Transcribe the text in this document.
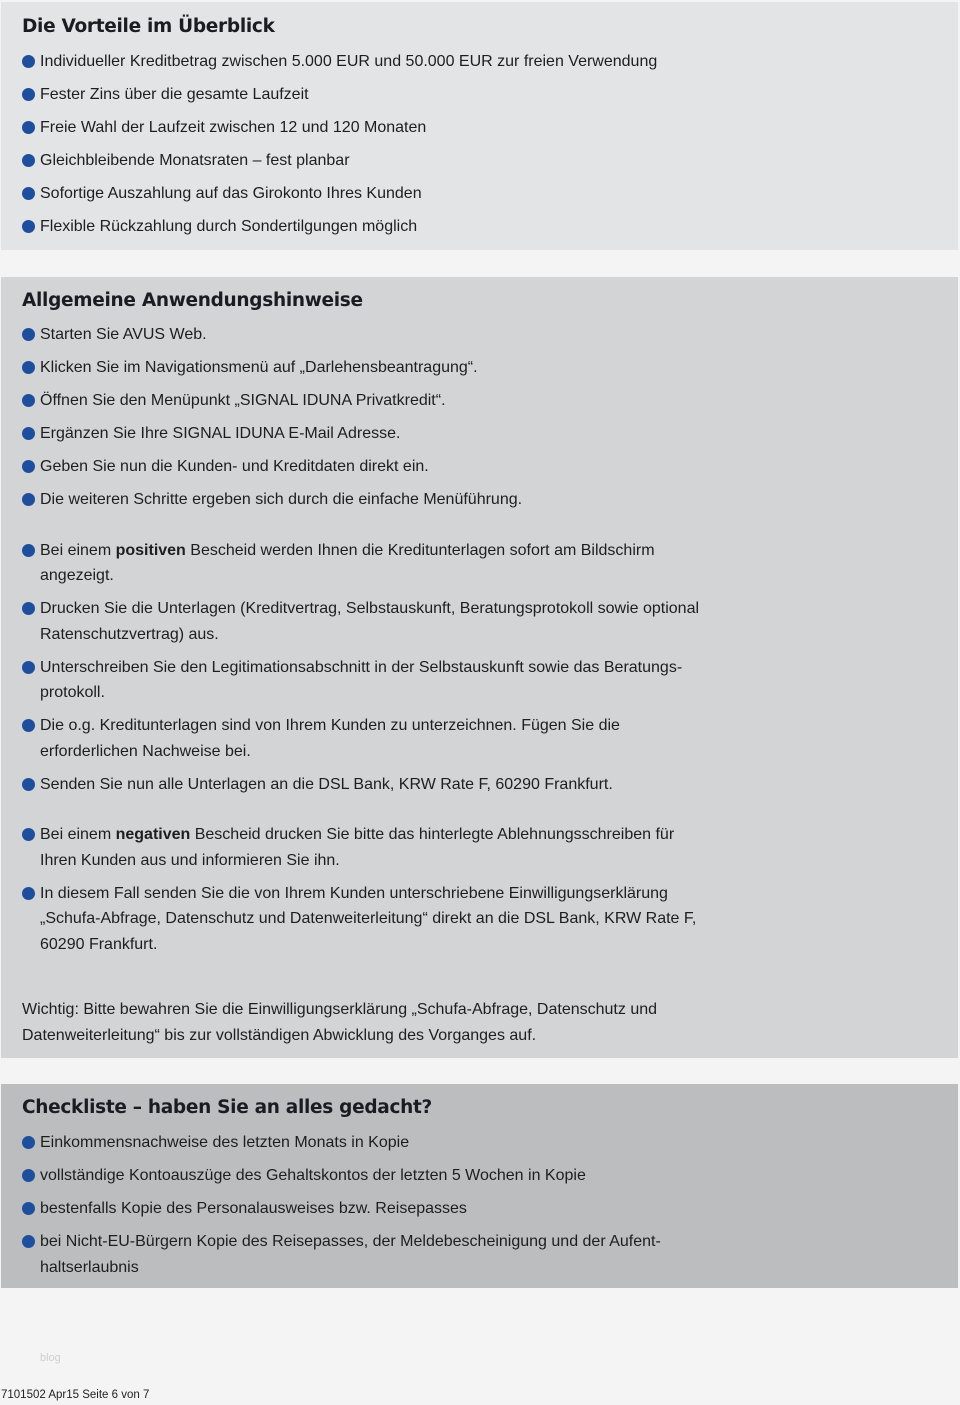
Die Vorteile im Überblick
Individueller Kreditbetrag zwischen 5.000 EUR und 50.000 EUR zur freien Verwendung
Fester Zins über die gesamte Laufzeit
Freie Wahl der Laufzeit zwischen 12 und 120 Monaten
Gleichbleibende Monatsraten – fest planbar
Sofortige Auszahlung auf das Girokonto Ihres Kunden
Flexible Rückzahlung durch Sondertilgungen möglich
Allgemeine Anwendungshinweise
Starten Sie AVUS Web.
Klicken Sie im Navigationsmenü auf „Darlehensbeantragung“.
Öffnen Sie den Menüpunkt „SIGNAL IDUNA Privatkredit“.
Ergänzen Sie Ihre SIGNAL IDUNA E-Mail Adresse.
Geben Sie nun die Kunden- und Kreditdaten direkt ein.
Die weiteren Schritte ergeben sich durch die einfache Menüführung.
Bei einem positiven Bescheid werden Ihnen die Kreditunterlagen sofort am Bildschirm angezeigt.
Drucken Sie die Unterlagen (Kreditvertrag, Selbstauskunft, Beratungsprotokoll sowie optional Ratenschutzvertrag) aus.
Unterschreiben Sie den Legitimationsabschnitt in der Selbstauskunft sowie das Beratungs-protokoll.
Die o.g. Kreditunterlagen sind von Ihrem Kunden zu unterzeichnen. Fügen Sie die erforderlichen Nachweise bei.
Senden Sie nun alle Unterlagen an die DSL Bank, KRW Rate F, 60290 Frankfurt.
Bei einem negativen Bescheid drucken Sie bitte das hinterlegte Ablehnungsschreiben für Ihren Kunden aus und informieren Sie ihn.
In diesem Fall senden Sie die von Ihrem Kunden unterschriebene Einwilligungserklärung „Schufa-Abfrage, Datenschutz und Datenweiterleitung“ direkt an die DSL Bank, KRW Rate F, 60290 Frankfurt.
Wichtig: Bitte bewahren Sie die Einwilligungserklärung „Schufa-Abfrage, Datenschutz und Datenweiterleitung“ bis zur vollständigen Abwicklung des Vorganges auf.
Checkliste – haben Sie an alles gedacht?
Einkommensnachweise des letzten Monats in Kopie
vollständige Kontoauszüge des Gehaltskontos der letzten 5 Wochen in Kopie
bestenfalls Kopie des Personalausweises bzw. Reisepasses
bei Nicht-EU-Bürgern Kopie des Reisepasses, der Meldebescheinigung und der Aufent-haltserlaubnis
blog
7101502 Apr15 Seite 6 von 7
